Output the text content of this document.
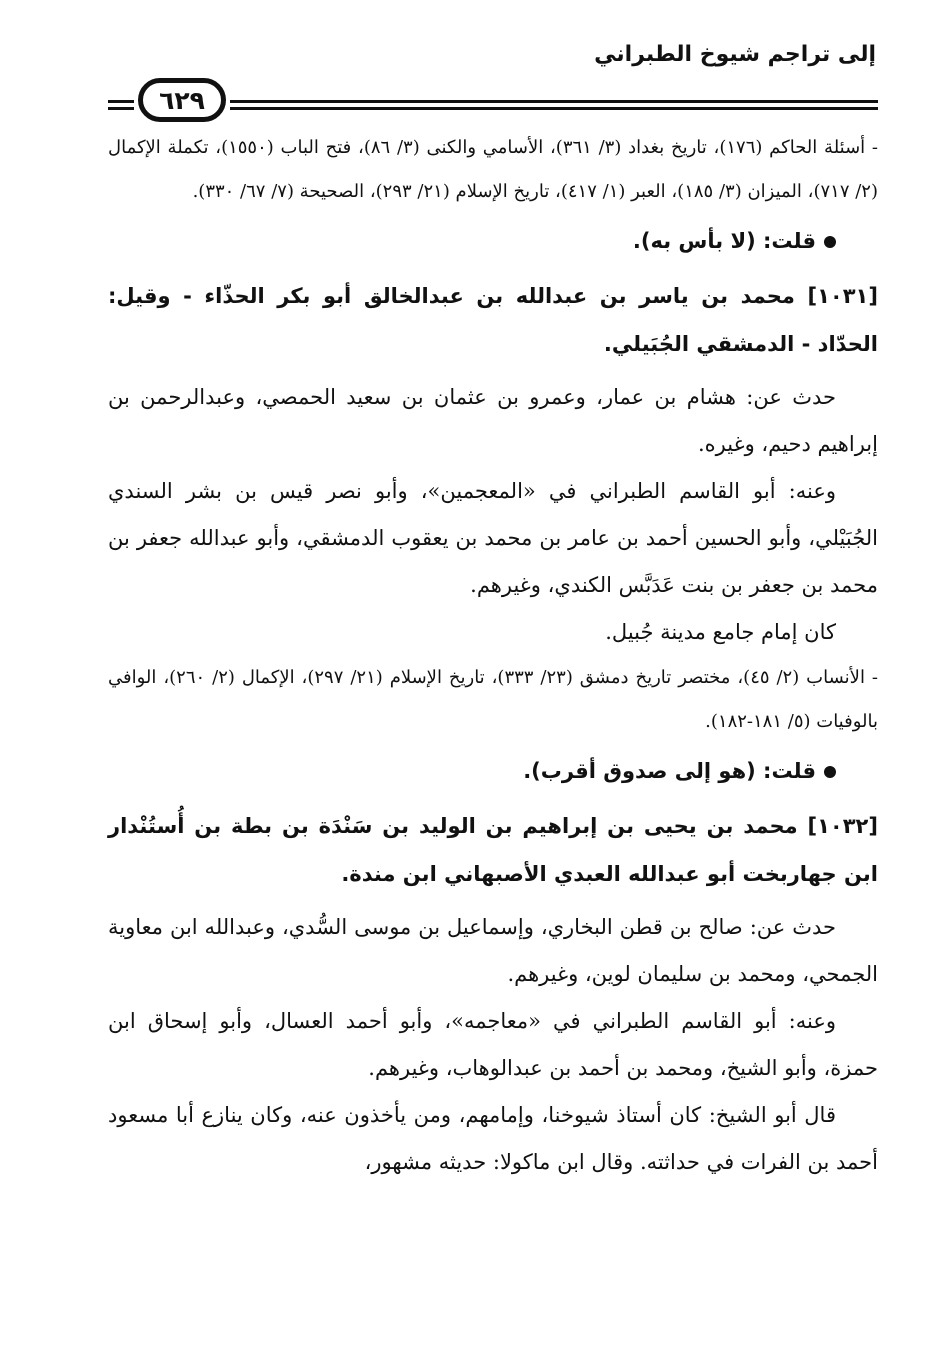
إلى تراجم شيوخ الطبراني
٦٢٩

- أسئلة الحاكم (١٧٦)، تاريخ بغداد (٣/ ٣٦١)، الأسامي والكنى (٣/ ٨٦)، فتح الباب (١٥٥٠)، تكملة الإكمال (٢/ ٧١٧)، الميزان (٣/ ١٨٥)، العبر (١/ ٤١٧)، تاريخ الإسلام (٢١/ ٢٩٣)، الصحيحة (٧/ ٦٧/ ٣٣٠).

قلت: (لا بأس به).

[١٠٣١] محمد بن ياسر بن عبدالله بن عبدالخالق أبو بكر الحذّاء - وقيل: الحدّاد - الدمشقي الجُبَيلي.

حدث عن: هشام بن عمار، وعمرو بن عثمان بن سعيد الحمصي، وعبدالرحمن بن إبراهيم دحيم، وغيره.

وعنه: أبو القاسم الطبراني في «المعجمين»، وأبو نصر قيس بن بشر السندي الجُبَيْلي، وأبو الحسين أحمد بن عامر بن محمد بن يعقوب الدمشقي، وأبو عبدالله جعفر بن محمد بن جعفر بن بنت عَدَبَّس الكندي، وغيرهم.

كان إمام جامع مدينة جُبيل.

- الأنساب (٢/ ٤٥)، مختصر تاريخ دمشق (٢٣/ ٣٣٣)، تاريخ الإسلام (٢١/ ٢٩٧)، الإكمال (٢/ ٢٦٠)، الوافي بالوفيات (٥/ ١٨١-١٨٢).

قلت: (هو إلى صدوق أقرب).

[١٠٣٢] محمد بن يحيى بن إبراهيم بن الوليد بن سَنْدَة بن بطة بن أُستُنْدار ابن جهاربخت أبو عبدالله العبدي الأصبهاني ابن مندة.

حدث عن: صالح بن قطن البخاري، وإسماعيل بن موسى السُّدي، وعبدالله ابن معاوية الجمحي، ومحمد بن سليمان لوين، وغيرهم.

وعنه: أبو القاسم الطبراني في «معاجمه»، وأبو أحمد العسال، وأبو إسحاق ابن حمزة، وأبو الشيخ، ومحمد بن أحمد بن عبدالوهاب، وغيرهم.

قال أبو الشيخ: كان أستاذ شيوخنا، وإمامهم، ومن يأخذون عنه، وكان ينازع أبا مسعود أحمد بن الفرات في حداثته. وقال ابن ماكولا: حديثه مشهور،
